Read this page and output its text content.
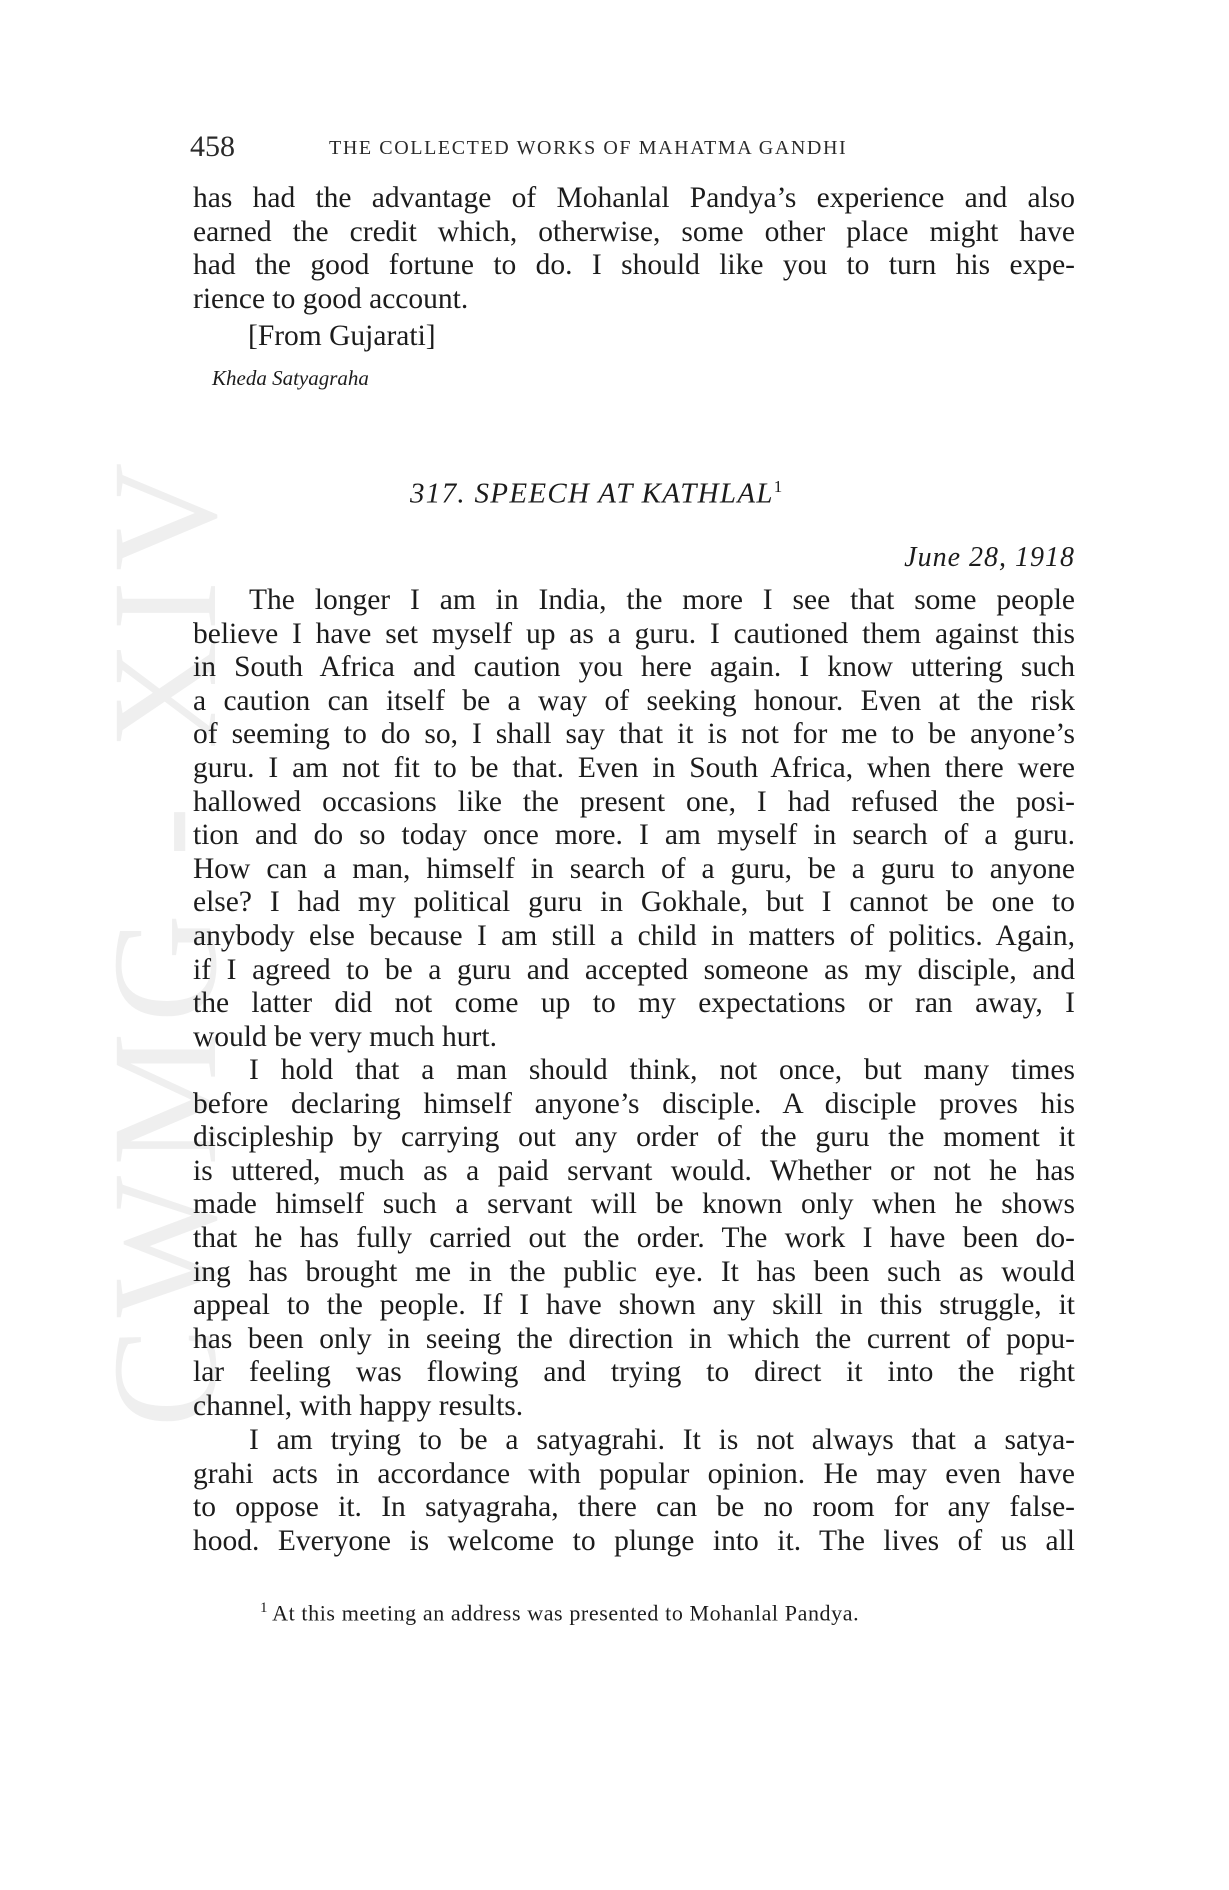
CWMG - XIV
458	THE COLLECTED WORKS OF MAHATMA GANDHI
has had the advantage of Mohanlal Pandya’s experience and also
earned the credit which, otherwise, some other place might have
had the good fortune to do. I should like you to turn his expe-
rience to good account.
[From Gujarati]
Kheda Satyagraha
317. SPEECH AT KATHLAL$^1$
June 28, 1918
The longer I am in India, the more I see that some people
believe I have set myself up as a guru. I cautioned them against this
in South Africa and caution you here again. I know uttering such
a caution can itself be a way of seeking honour. Even at the risk
of seeming to do so, I shall say that it is not for me to be anyone’s
guru. I am not fit to be that. Even in South Africa, when there were
hallowed occasions like the present one, I had refused the posi-
tion and do so today once more. I am myself in search of a guru.
How can a man, himself in search of a guru, be a guru to anyone
else? I had my political guru in Gokhale, but I cannot be one to
anybody else because I am still a child in matters of politics. Again,
if I agreed to be a guru and accepted someone as my disciple, and
the latter did not come up to my expectations or ran away, I
would be very much hurt.
I hold that a man should think, not once, but many times
before declaring himself anyone’s disciple. A disciple proves his
discipleship by carrying out any order of the guru the moment it
is uttered, much as a paid servant would. Whether or not he has
made himself such a servant will be known only when he shows
that he has fully carried out the order. The work I have been do-
ing has brought me in the public eye. It has been such as would
appeal to the people. If I have shown any skill in this struggle, it
has been only in seeing the direction in which the current of popu-
lar feeling was flowing and trying to direct it into the right
channel, with happy results.
I am trying to be a satyagrahi. It is not always that a satya-
grahi acts in accordance with popular opinion. He may even have
to oppose it. In satyagraha, there can be no room for any false-
hood. Everyone is welcome to plunge into it. The lives of us all
$^1$ At this meeting an address was presented to Mohanlal Pandya.
